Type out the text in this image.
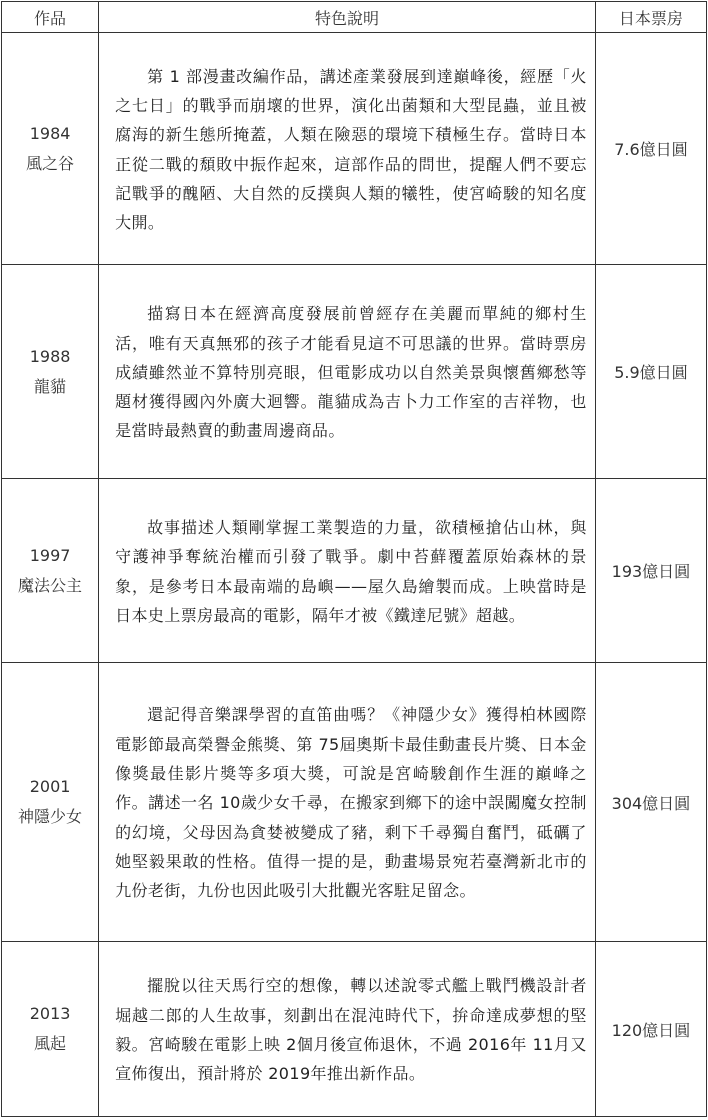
作品	特色說明	日本票房

1984
風之谷	第 1 部漫畫改編作品，講述產業發展到達巔峰後，經歷「火之七日」的戰爭而崩壞的世界，演化出菌類和大型昆蟲，並且被腐海的新生態所掩蓋，人類在險惡的環境下積極生存。當時日本正從二戰的頹敗中振作起來，這部作品的問世，提醒人們不要忘記戰爭的醜陋、大自然的反撲與人類的犧牲，使宮崎駿的知名度大開。	7.6億日圓

1988
龍貓	描寫日本在經濟高度發展前曾經存在美麗而單純的鄉村生活，唯有天真無邪的孩子才能看見這不可思議的世界。當時票房成績雖然並不算特別亮眼，但電影成功以自然美景與懷舊鄉愁等題材獲得國內外廣大迴響。龍貓成為吉卜力工作室的吉祥物，也是當時最熱賣的動畫周邊商品。	5.9億日圓

1997
魔法公主	故事描述人類剛掌握工業製造的力量，欲積極搶佔山林，與守護神爭奪統治權而引發了戰爭。劇中苔蘚覆蓋原始森林的景象，是參考日本最南端的島嶼——屋久島繪製而成。上映當時是日本史上票房最高的電影，隔年才被《鐵達尼號》超越。	193億日圓

2001
神隱少女	還記得音樂課學習的直笛曲嗎？《神隱少女》獲得柏林國際電影節最高榮譽金熊獎、第 75屆奧斯卡最佳動畫長片獎、日本金像獎最佳影片獎等多項大獎，可說是宮崎駿創作生涯的巔峰之作。講述一名 10歲少女千尋，在搬家到鄉下的途中誤闖魔女控制的幻境，父母因為貪婪被變成了豬，剩下千尋獨自奮鬥，砥礪了她堅毅果敢的性格。值得一提的是，動畫場景宛若臺灣新北市的九份老街，九份也因此吸引大批觀光客駐足留念。	304億日圓

2013
風起	擺脫以往天馬行空的想像，轉以述說零式艦上戰鬥機設計者堀越二郎的人生故事，刻劃出在混沌時代下，拚命達成夢想的堅毅。宮崎駿在電影上映 2個月後宣佈退休，不過 2016年 11月又宣佈復出，預計將於 2019年推出新作品。	120億日圓
